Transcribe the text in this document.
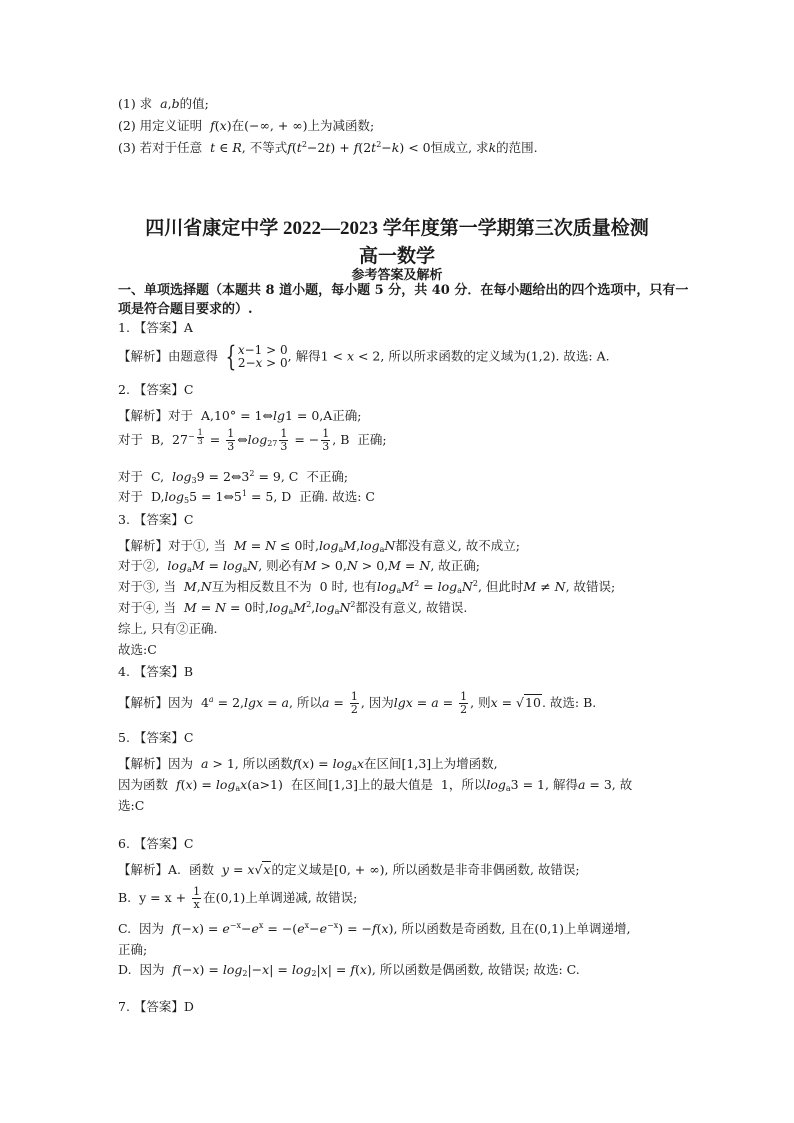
(1) 求  a,b的值;
(2) 用定义证明  f(x)在(−∞, + ∞)上为减函数;
(3) 若对于任意  t ∈ R, 不等式$f(t^2-2t) + f(2t^2-k) < 0$恒成立, 求k的范围.
四川省康定中学 2022—2023 学年度第一学期第三次质量检测
高一数学
参考答案及解析
一、单项选择题（本题共 8 道小题，每小题 5 分，共 40 分．在每小题给出的四个选项中，只有一项是符合题目要求的）.
1. 【答案】A
【解析】由题意得 { x−1 > 0
2−x > 0, 解得1 < x < 2, 所以所求函数的定义域为(1,2). 故选: A.
2. 【答案】C
【解析】对于  A,10° = 1⇔lg1 = 0,A正确;
对于  B,  $27^{- \frac{1}{3}} = \frac{1}{3}$ $\Leftrightarrow\log_{27} \frac{1}{3}$ = − $\frac{1}{3}$ , B  正确;
对于  C,  $\log_39$ = $2\Leftrightarrow 3^2 = 9$, C  不正确;
对于  $D,\log_55$ = $1\Leftrightarrow 5^1 = 5$, D  正确. 故选: C
3. 【答案】C
【解析】对于①, 当  M = N ≤ 0时$,\log_aM,\log_aN$都没有意义, 故不成立;
对于②,  $\log_aM = \log_aN$, 则必有M > 0,N > 0,M = N, 故正确;
对于③, 当  M,N互为相反数且不为  0 时, 也有$\log_aM^2 = \log_aN^2$, 但此时M ≠ N, 故错误;
对于④, 当  M = N = 0时$,\log_aM^2,\log_aN^2$都没有意义, 故错误.
综上, 只有②正确.
故选:C
4. 【答案】B
【解析】因为  $4^a = 2,\lg x = a$, 所以$a = \frac{1}{2}$ , 因为$\lg x = a = \frac{1}{2}$ , 则x = √10. 故选: B.
5. 【答案】C
【解析】因为  a > 1, 所以函数$f(x) = \log_ax$在区间[1,3]上为增函数,
因为函数  $f(x) = \log_ax(a>1)$  在区间[1,3]上的最大值是  1，所以$\log_a3 = 1$, 解得a = 3, 故
选:C
6. 【答案】C
【解析】A.  函数  y = x√x的定义域是[0, + ∞), 所以函数是非奇非偶函数, 故错误;
B.  $y = x + \frac{1}{x}$ 在(0,1)上单调递减, 故错误;
C.  因为  $f(-x) = e^{-x}-e^x = -(e^x-e^{-x}) = -f(x)$, 所以函数是奇函数, 且在(0,1)上单调递增,
正确;
D.  因为  $f(-x) = \log_2|-x| = \log_2|x| = f(x)$, 所以函数是偶函数, 故错误; 故选: C.
7. 【答案】D
